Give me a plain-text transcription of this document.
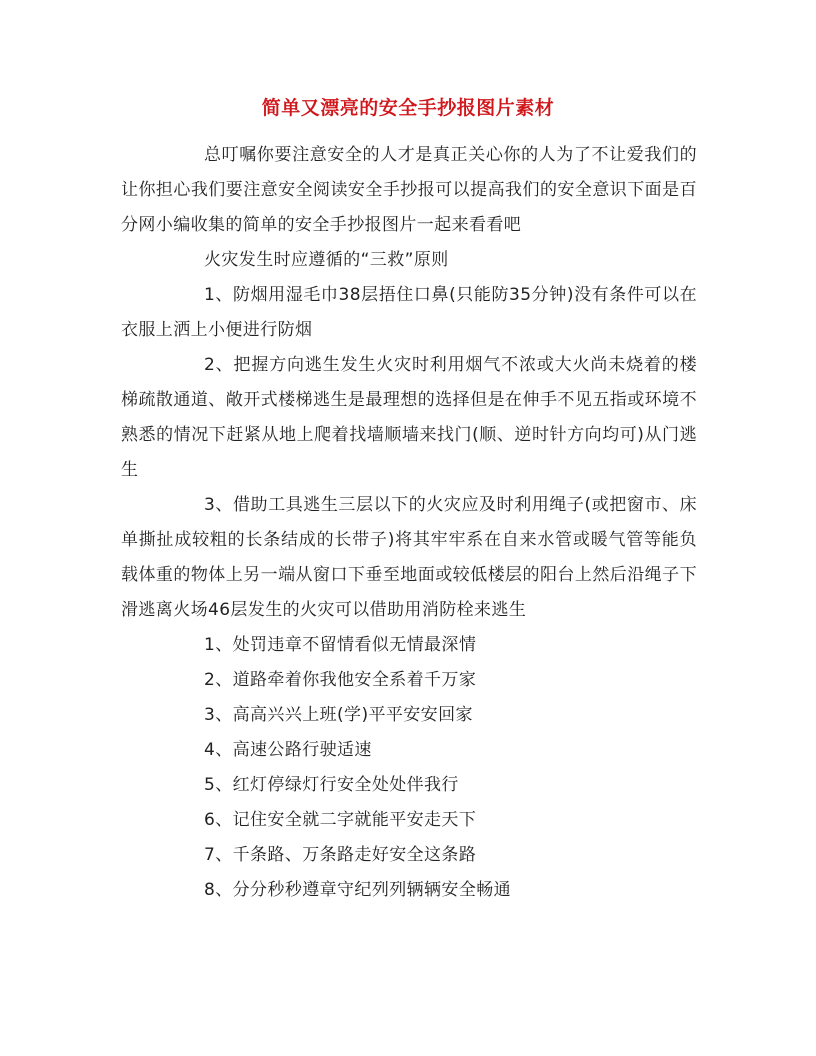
简单又漂亮的安全手抄报图片素材

总叮嘱你要注意安全的人才是真正关心你的人为了不让爱我们的让你担心我们要注意安全阅读安全手抄报可以提高我们的安全意识下面是百分网小编收集的简单的安全手抄报图片一起来看看吧

火灾发生时应遵循的“三救”原则

1、防烟用湿毛巾38层捂住口鼻(只能防35分钟)没有条件可以在衣服上洒上小便进行防烟

2、把握方向逃生发生火灾时利用烟气不浓或大火尚未烧着的楼梯疏散通道、敞开式楼梯逃生是最理想的选择但是在伸手不见五指或环境不熟悉的情况下赶紧从地上爬着找墙顺墙来找门(顺、逆时针方向均可)从门逃生

3、借助工具逃生三层以下的火灾应及时利用绳子(或把窗市、床单撕扯成较粗的长条结成的长带子)将其牢牢系在自来水管或暖气管等能负载体重的物体上另一端从窗口下垂至地面或较低楼层的阳台上然后沿绳子下滑逃离火场46层发生的火灾可以借助用消防栓来逃生

1、处罚违章不留情看似无情最深情

2、道路牵着你我他安全系着千万家

3、高高兴兴上班(学)平平安安回家

4、高速公路行驶适速

5、红灯停绿灯行安全处处伴我行

6、记住安全就二字就能平安走天下

7、千条路、万条路走好安全这条路

8、分分秒秒遵章守纪列列辆辆安全畅通
